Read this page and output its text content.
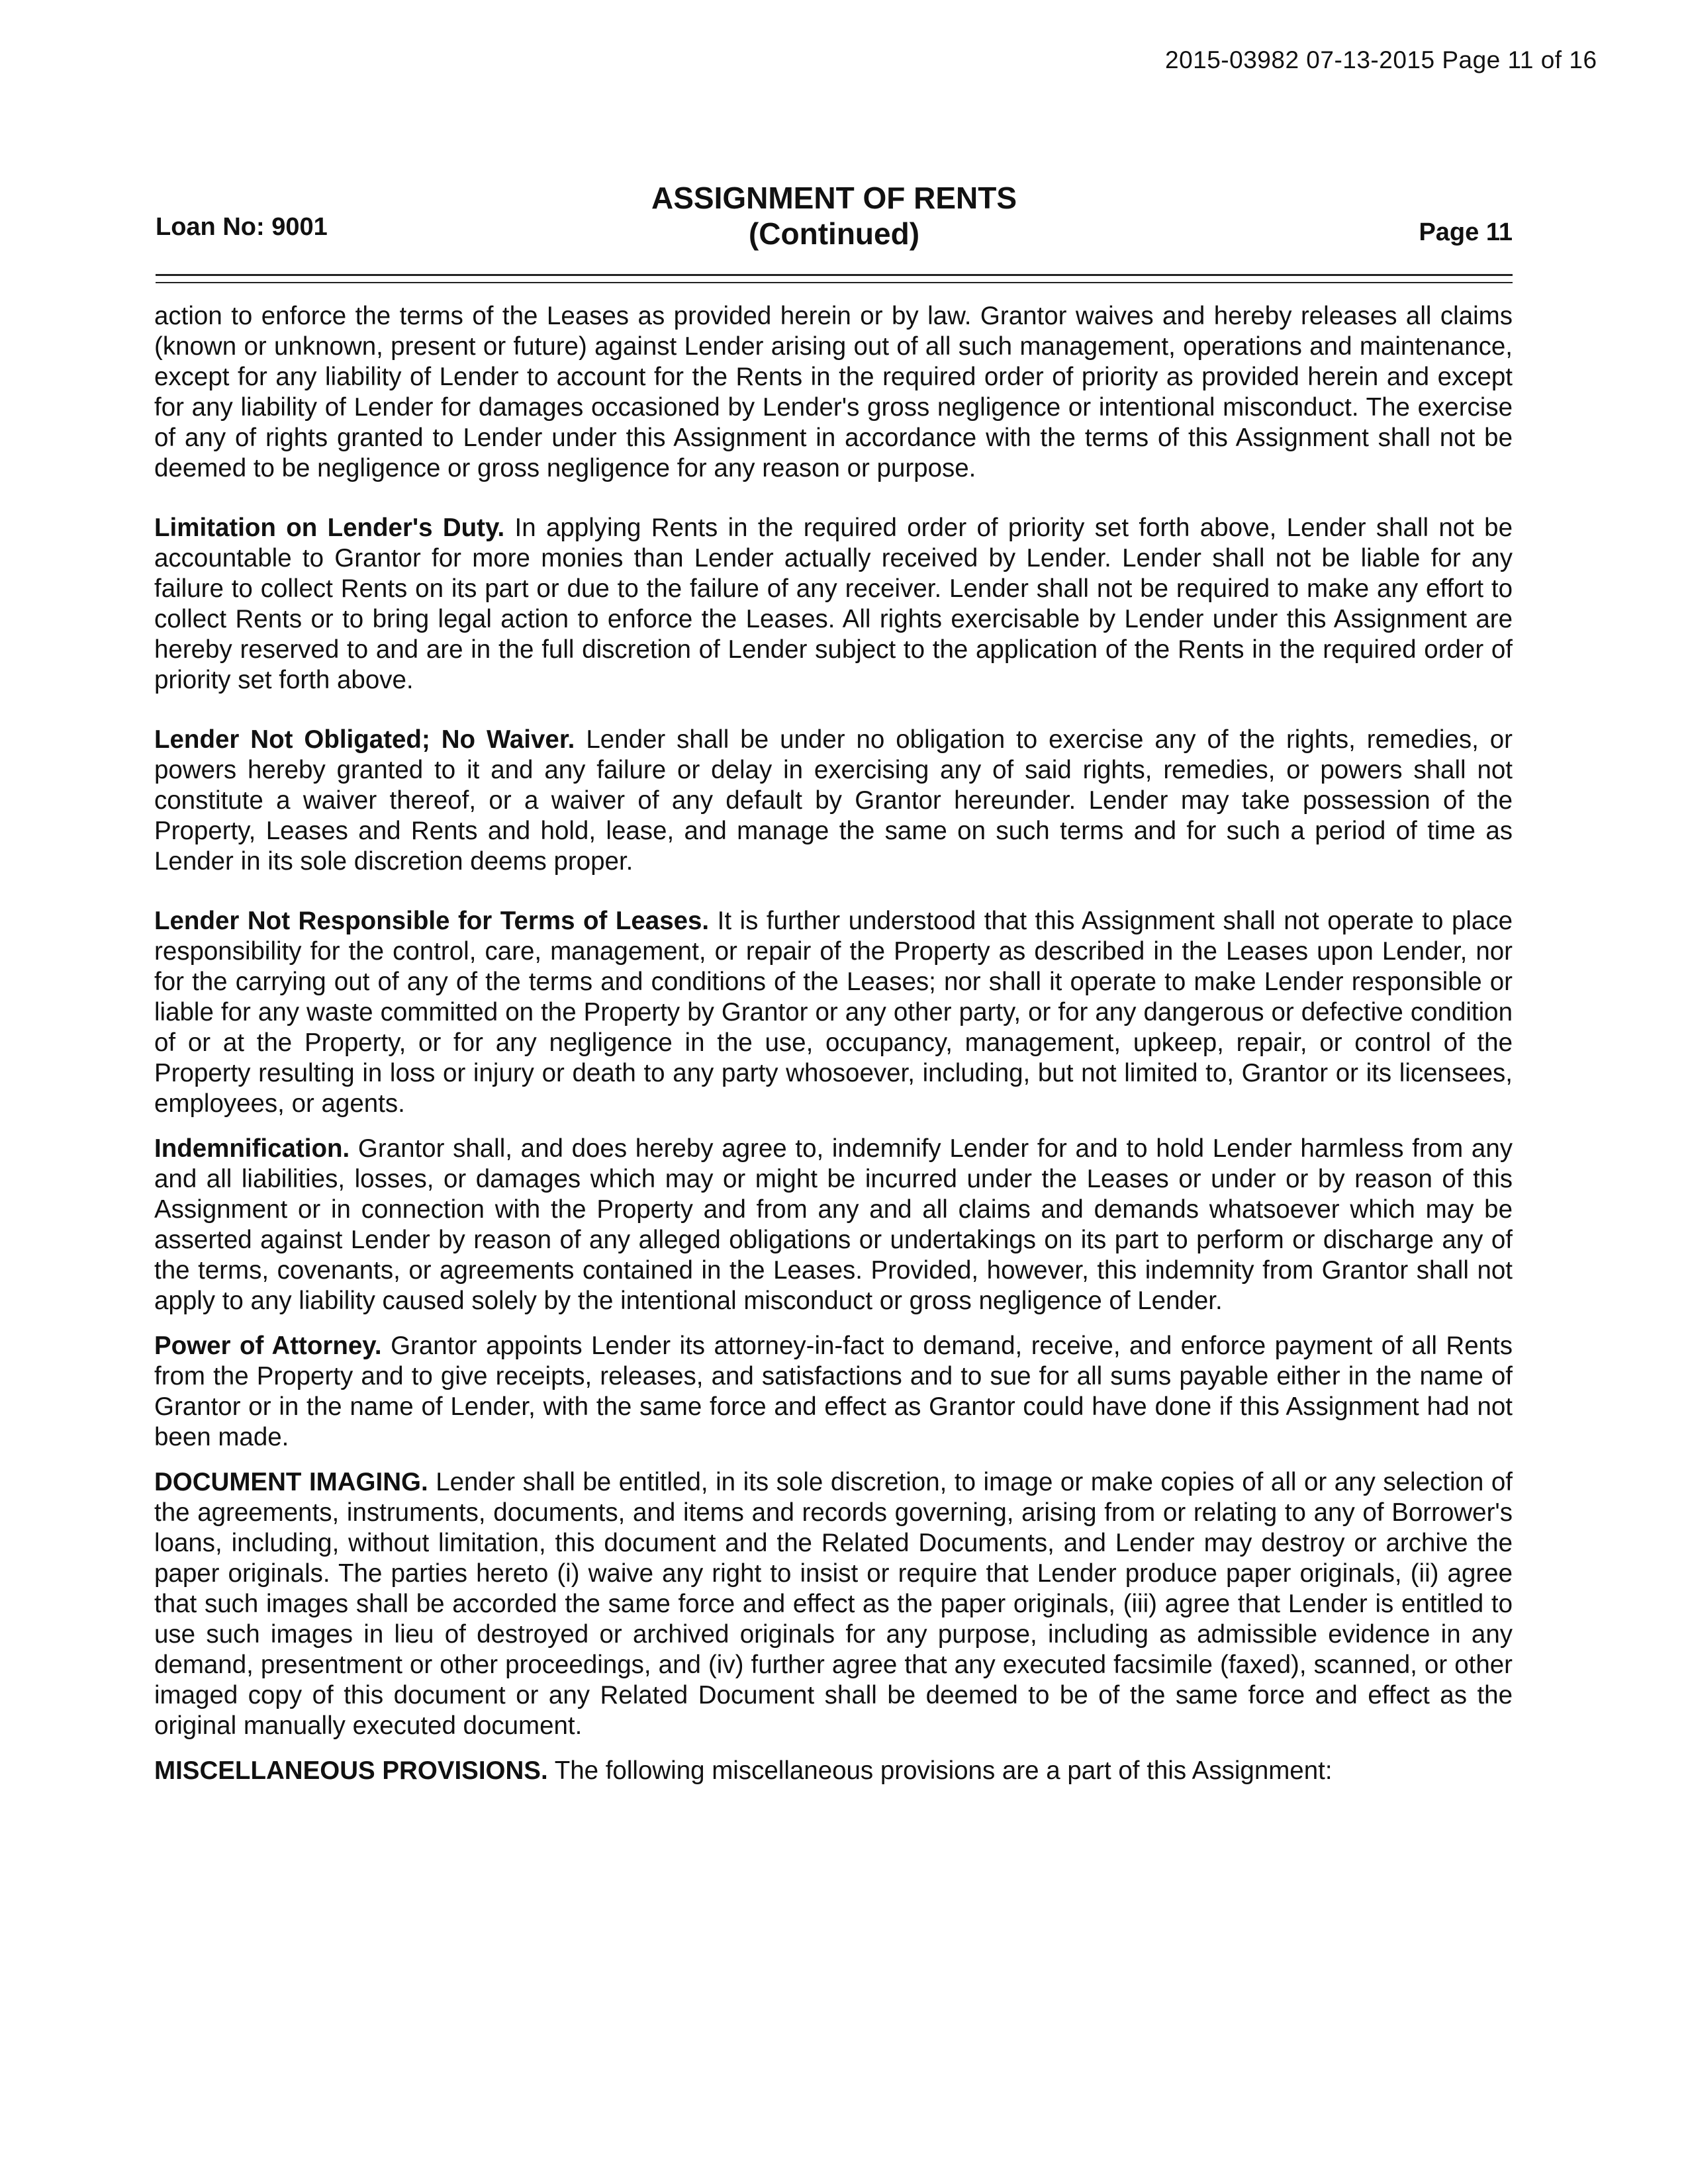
2015-03982 07-13-2015 Page 11 of 16
Loan No: 9001
ASSIGNMENT OF RENTS
(Continued)	Page 11

action to enforce the terms of the Leases as provided herein or by law. Grantor waives and hereby releases all claims (known or unknown, present or future) against Lender arising out of all such management, operations and maintenance, except for any liability of Lender to account for the Rents in the required order of priority as provided herein and except for any liability of Lender for damages occasioned by Lender's gross negligence or intentional misconduct. The exercise of any of rights granted to Lender under this Assignment in accordance with the terms of this Assignment shall not be deemed to be negligence or gross negligence for any reason or purpose.

Limitation on Lender's Duty. In applying Rents in the required order of priority set forth above, Lender shall not be accountable to Grantor for more monies than Lender actually received by Lender. Lender shall not be liable for any failure to collect Rents on its part or due to the failure of any receiver. Lender shall not be required to make any effort to collect Rents or to bring legal action to enforce the Leases. All rights exercisable by Lender under this Assignment are hereby reserved to and are in the full discretion of Lender subject to the application of the Rents in the required order of priority set forth above.

Lender Not Obligated; No Waiver. Lender shall be under no obligation to exercise any of the rights, remedies, or powers hereby granted to it and any failure or delay in exercising any of said rights, remedies, or powers shall not constitute a waiver thereof, or a waiver of any default by Grantor hereunder. Lender may take possession of the Property, Leases and Rents and hold, lease, and manage the same on such terms and for such a period of time as Lender in its sole discretion deems proper.

Lender Not Responsible for Terms of Leases. It is further understood that this Assignment shall not operate to place responsibility for the control, care, management, or repair of the Property as described in the Leases upon Lender, nor for the carrying out of any of the terms and conditions of the Leases; nor shall it operate to make Lender responsible or liable for any waste committed on the Property by Grantor or any other party, or for any dangerous or defective condition of or at the Property, or for any negligence in the use, occupancy, management, upkeep, repair, or control of the Property resulting in loss or injury or death to any party whosoever, including, but not limited to, Grantor or its licensees, employees, or agents.

Indemnification. Grantor shall, and does hereby agree to, indemnify Lender for and to hold Lender harmless from any and all liabilities, losses, or damages which may or might be incurred under the Leases or under or by reason of this Assignment or in connection with the Property and from any and all claims and demands whatsoever which may be asserted against Lender by reason of any alleged obligations or undertakings on its part to perform or discharge any of the terms, covenants, or agreements contained in the Leases. Provided, however, this indemnity from Grantor shall not apply to any liability caused solely by the intentional misconduct or gross negligence of Lender.

Power of Attorney. Grantor appoints Lender its attorney-in-fact to demand, receive, and enforce payment of all Rents from the Property and to give receipts, releases, and satisfactions and to sue for all sums payable either in the name of Grantor or in the name of Lender, with the same force and effect as Grantor could have done if this Assignment had not been made.

DOCUMENT IMAGING. Lender shall be entitled, in its sole discretion, to image or make copies of all or any selection of the agreements, instruments, documents, and items and records governing, arising from or relating to any of Borrower's loans, including, without limitation, this document and the Related Documents, and Lender may destroy or archive the paper originals. The parties hereto (i) waive any right to insist or require that Lender produce paper originals, (ii) agree that such images shall be accorded the same force and effect as the paper originals, (iii) agree that Lender is entitled to use such images in lieu of destroyed or archived originals for any purpose, including as admissible evidence in any demand, presentment or other proceedings, and (iv) further agree that any executed facsimile (faxed), scanned, or other imaged copy of this document or any Related Document shall be deemed to be of the same force and effect as the original manually executed document.

MISCELLANEOUS PROVISIONS. The following miscellaneous provisions are a part of this Assignment:
